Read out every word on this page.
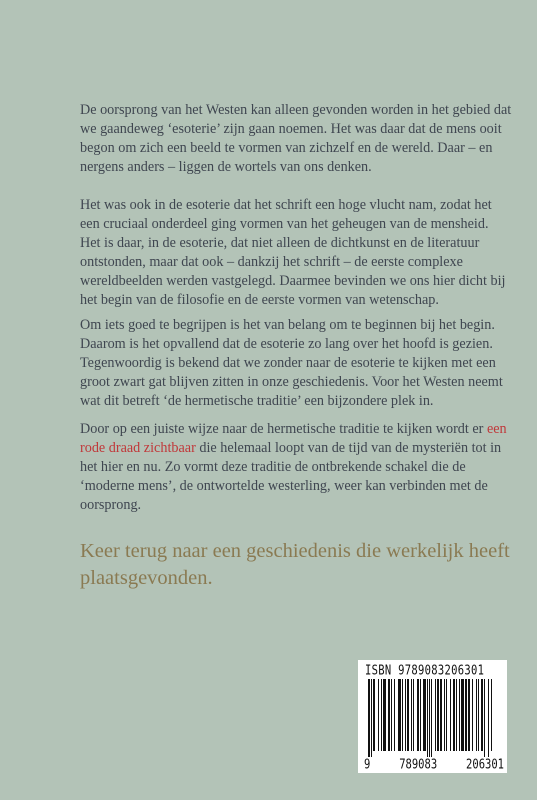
De oorsprong van het Westen kan alleen gevonden worden in het gebied dat we gaandeweg ‘esoterie’ zijn gaan noemen. Het was daar dat de mens ooit begon om zich een beeld te vormen van zichzelf en de wereld. Daar – en nergens anders – liggen de wortels van ons denken.

Het was ook in de esoterie dat het schrift een hoge vlucht nam, zodat het een cruciaal onderdeel ging vormen van het geheugen van de mensheid. Het is daar, in de esoterie, dat niet alleen de dichtkunst en de literatuur ontstonden, maar dat ook – dankzij het schrift – de eerste complexe wereldbeelden werden vastgelegd. Daarmee bevinden we ons hier dicht bij het begin van de filosofie en de eerste vormen van wetenschap.

Om iets goed te begrijpen is het van belang om te beginnen bij het begin. Daarom is het opvallend dat de esoterie zo lang over het hoofd is gezien. Tegenwoordig is bekend dat we zonder naar de esoterie te kijken met een groot zwart gat blijven zitten in onze geschiedenis. Voor het Westen neemt wat dit betreft ‘de hermetische traditie’ een bijzondere plek in.

Door op een juiste wijze naar de hermetische traditie te kijken wordt er een rode draad zichtbaar die helemaal loopt van de tijd van de mysteriën tot in het hier en nu. Zo vormt deze traditie de ontbrekende schakel die de ‘moderne mens’, de ontwortelde westerling, weer kan verbinden met de oorsprong.

Keer terug naar een geschiedenis die werkelijk heeft plaatsgevonden.

ISBN 9789083206301
9	789083	206301
